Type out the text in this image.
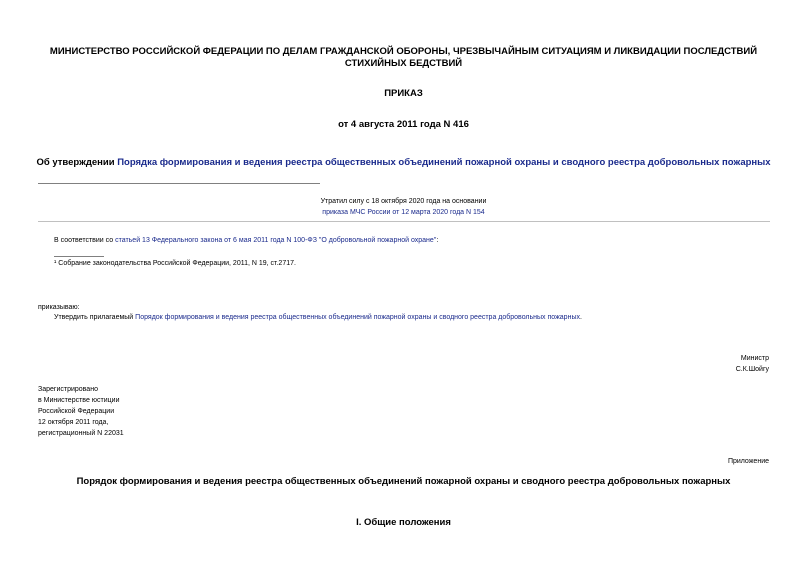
МИНИСТЕРСТВО РОССИЙСКОЙ ФЕДЕРАЦИИ ПО ДЕЛАМ ГРАЖДАНСКОЙ ОБОРОНЫ, ЧРЕЗВЫЧАЙНЫМ СИТУАЦИЯМ И ЛИКВИДАЦИИ ПОСЛЕДСТВИЙ СТИХИЙНЫХ БЕДСТВИЙ
ПРИКАЗ
от 4 августа 2011 года N 416
Об утверждении Порядка формирования и ведения реестра общественных объединений пожарной охраны и сводного реестра добровольных пожарных
Утратил силу с 18 октября 2020 года на основании
приказа МЧС России от 12 марта 2020 года N 154
В соответствии со статьей 13 Федерального закона от 6 мая 2011 года N 100-ФЗ "О добровольной пожарной охране":
¹ Собрание законодательства Российской Федерации, 2011, N 19, ст.2717.
приказываю:
Утвердить прилагаемый Порядок формирования и ведения реестра общественных объединений пожарной охраны и сводного реестра добровольных пожарных.
Министр
С.К.Шойгу
Зарегистрировано
в Министерстве юстиции
Российской Федерации
12 октября 2011 года,
регистрационный N 22031
Приложение
Порядок формирования и ведения реестра общественных объединений пожарной охраны и сводного реестра добровольных пожарных
I. Общие положения
